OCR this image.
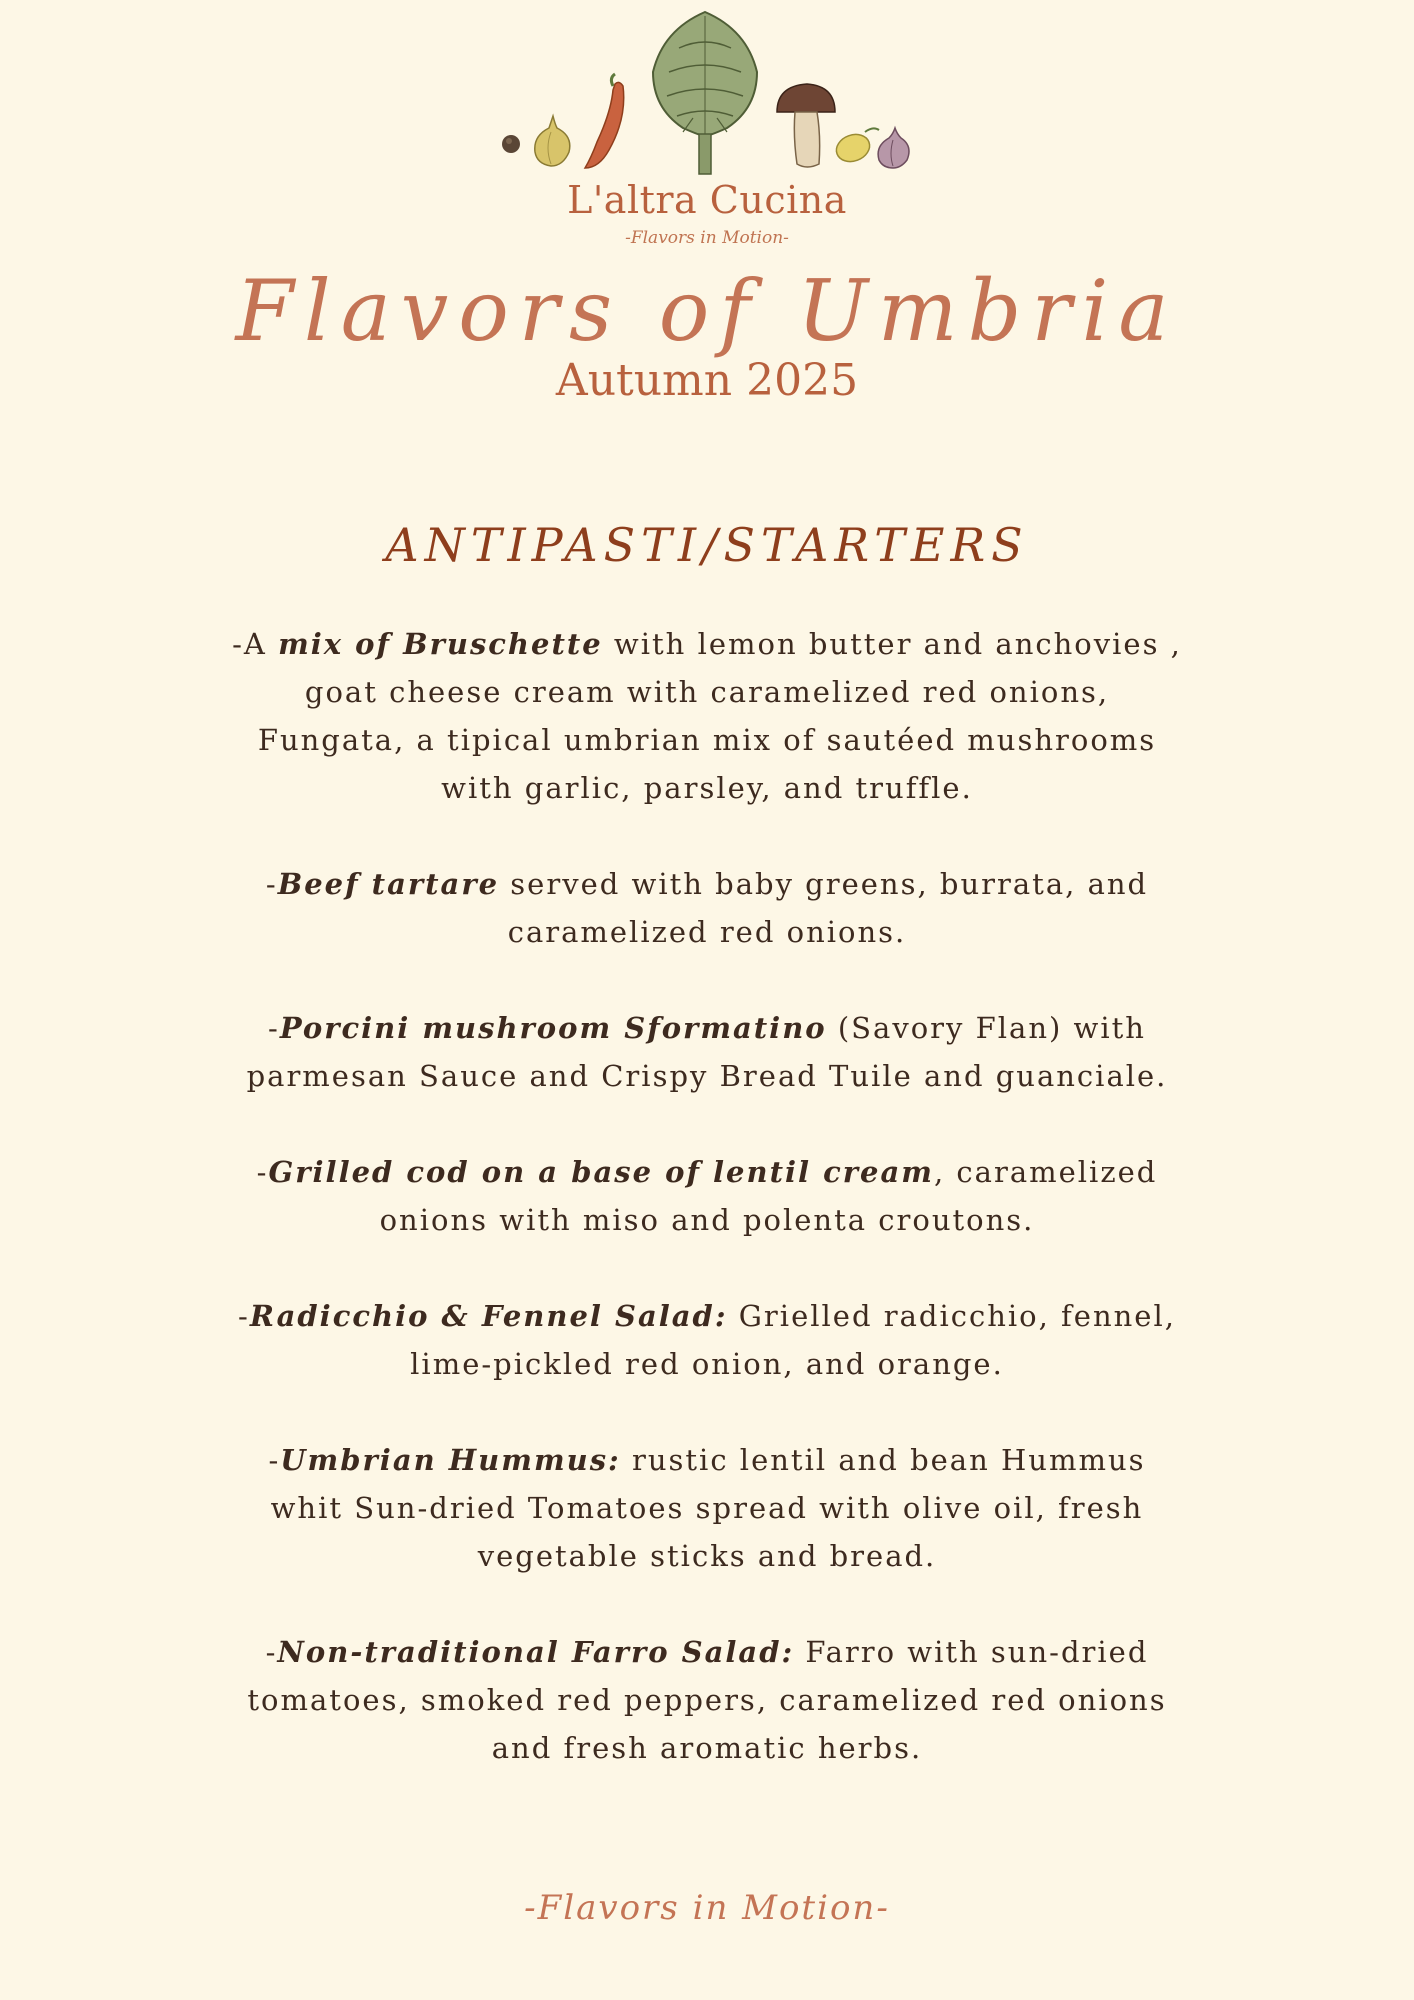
L'altra Cucina
-Flavors in Motion-
Flavors of Umbria
Autumn 2025
ANTIPASTI/STARTERS
-A mix of Bruschette with lemon butter and anchovies , goat cheese cream with caramelized red onions, Fungata, a tipical umbrian mix of sautéed mushrooms with garlic, parsley, and truffle.
-Beef tartare served with baby greens, burrata, and caramelized red onions.
-Porcini mushroom Sformatino (Savory Flan) with parmesan Sauce and Crispy Bread Tuile and guanciale.
-Grilled cod on a base of lentil cream, caramelized onions with miso and polenta croutons.
-Radicchio & Fennel Salad: Grielled radicchio, fennel, lime-pickled red onion, and orange.
-Umbrian Hummus: rustic lentil and bean Hummus whit Sun-dried Tomatoes spread with olive oil, fresh vegetable sticks and bread.
-Non-traditional Farro Salad: Farro with sun-dried tomatoes, smoked red peppers, caramelized red onions and fresh aromatic herbs.
-Flavors in Motion-
